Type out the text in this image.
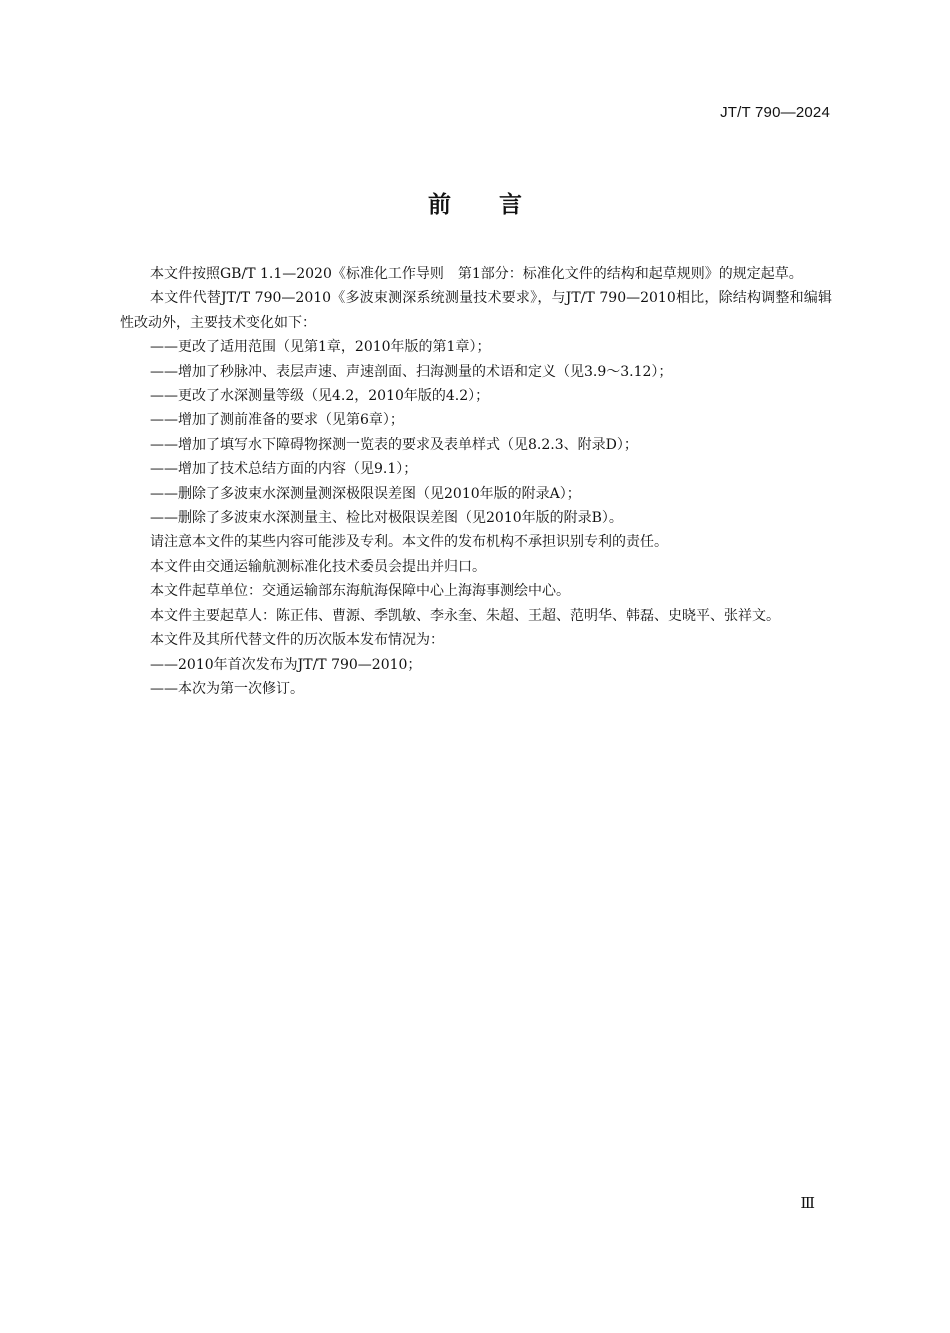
JT/T 790—2024
前言

本文件按照GB/T 1.1—2020《标准化工作导则　第1部分：标准化文件的结构和起草规则》的规定起草。

本文件代替JT/T 790—2010《多波束测深系统测量技术要求》，与JT/T 790—2010相比，除结构调整和编辑性改动外，主要技术变化如下：

——更改了适用范围（见第1章，2010年版的第1章）；

——增加了秒脉冲、表层声速、声速剖面、扫海测量的术语和定义（见3.9～3.12）；

——更改了水深测量等级（见4.2，2010年版的4.2）；

——增加了测前准备的要求（见第6章）；

——增加了填写水下障碍物探测一览表的要求及表单样式（见8.2.3、附录D）；

——增加了技术总结方面的内容（见9.1）；

——删除了多波束水深测量测深极限误差图（见2010年版的附录A）；

——删除了多波束水深测量主、检比对极限误差图（见2010年版的附录B）。

请注意本文件的某些内容可能涉及专利。本文件的发布机构不承担识别专利的责任。

本文件由交通运输航测标准化技术委员会提出并归口。

本文件起草单位：交通运输部东海航海保障中心上海海事测绘中心。

本文件主要起草人：陈正伟、曹源、季凯敏、李永奎、朱超、王超、范明华、韩磊、史晓平、张祥文。

本文件及其所代替文件的历次版本发布情况为：

——2010年首次发布为JT/T 790—2010；

——本次为第一次修订。

Ⅲ
